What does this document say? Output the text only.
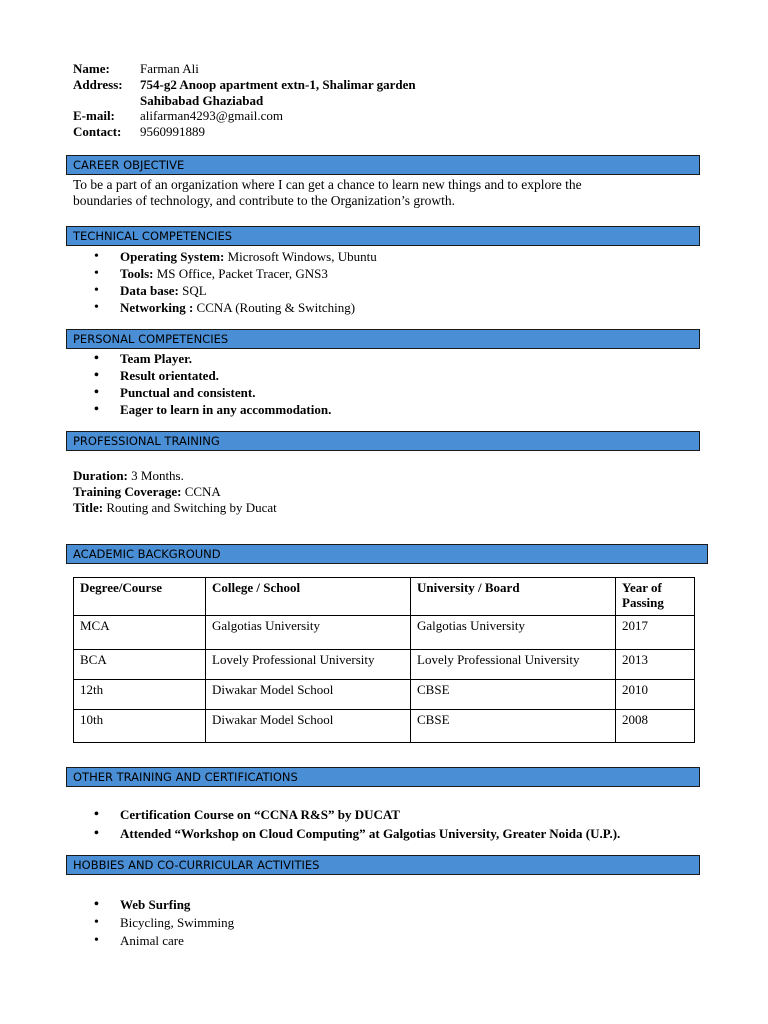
Name: Farman Ali
Address: 754-g2 Anoop apartment extn-1, Shalimar garden
Sahibabad Ghaziabad
E-mail: alifarman4293@gmail.com
Contact: 9560991889
CAREER OBJECTIVE
To be a part of an organization where I can get a chance to learn new things and to explore the
boundaries of technology, and contribute to the Organization’s growth.
TECHNICAL COMPETENCIES
• Operating System: Microsoft Windows, Ubuntu
• Tools: MS Office, Packet Tracer, GNS3
• Data base: SQL
• Networking : CCNA (Routing & Switching)
PERSONAL COMPETENCIES
• Team Player.
• Result orientated.
• Punctual and consistent.
• Eager to learn in any accommodation.
PROFESSIONAL TRAINING
Duration: 3 Months.
Training Coverage: CCNA
Title: Routing and Switching by Ducat
ACADEMIC BACKGROUND
Degree/Course	College / School	University / Board	Year of Passing
MCA	Galgotias University	Galgotias University	2017
BCA	Lovely Professional University	Lovely Professional University	2013
12th	Diwakar Model School	CBSE	2010
10th	Diwakar Model School	CBSE	2008
OTHER TRAINING AND CERTIFICATIONS
• Certification Course on “CCNA R&S” by DUCAT
• Attended “Workshop on Cloud Computing” at Galgotias University, Greater Noida (U.P.).
HOBBIES AND CO-CURRICULAR ACTIVITIES
• Web Surfing
• Bicycling, Swimming
• Animal care
